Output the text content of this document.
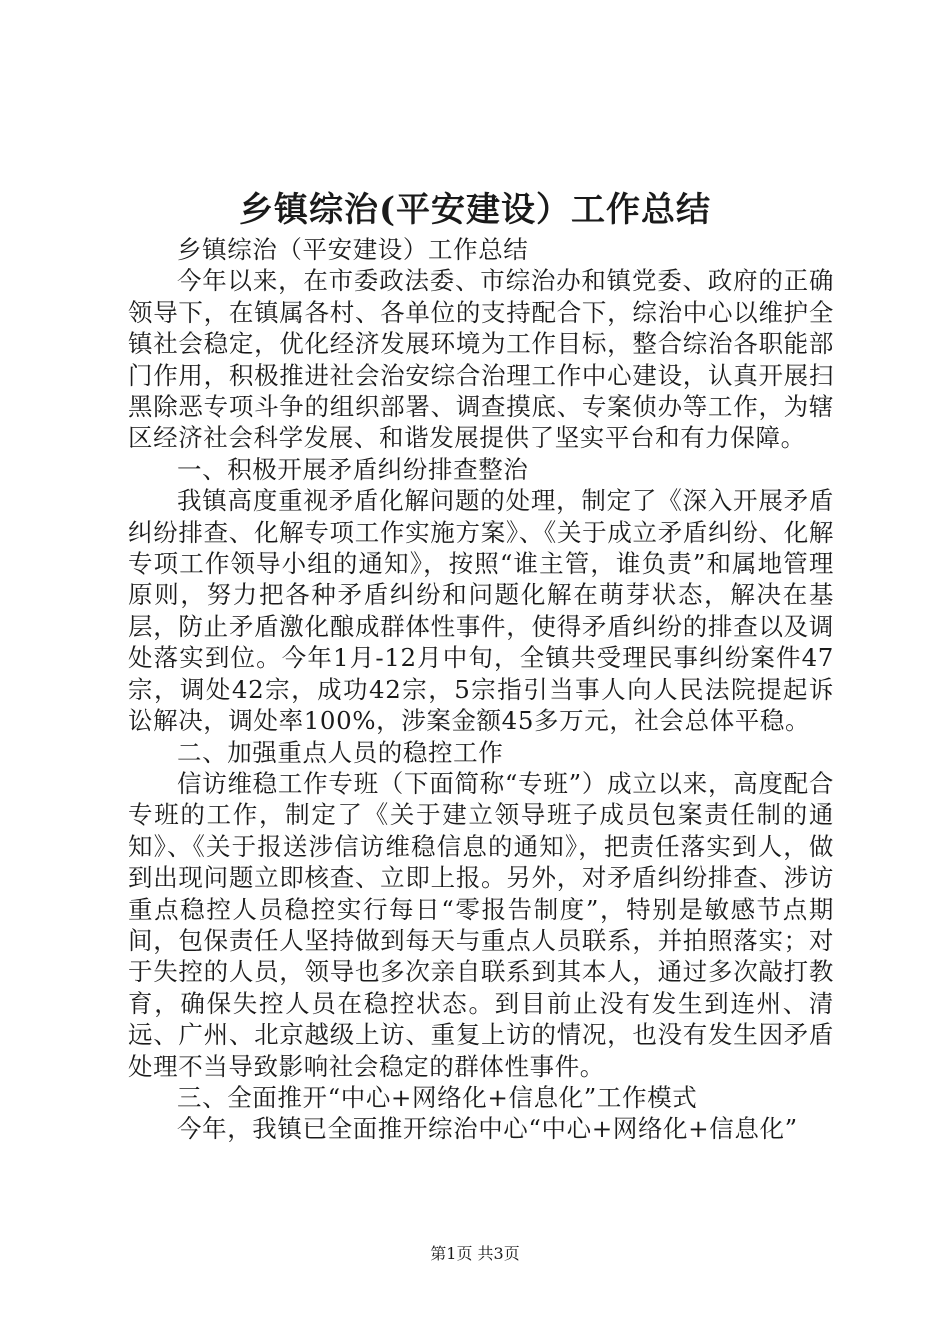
乡镇综治(平安建设）工作总结

乡镇综治（平安建设）工作总结

今年以来，在市委政法委、市综治办和镇党委、政府的正确领导下，在镇属各村、各单位的支持配合下，综治中心以维护全镇社会稳定，优化经济发展环境为工作目标，整合综治各职能部门作用，积极推进社会治安综合治理工作中心建设，认真开展扫黑除恶专项斗争的组织部署、调查摸底、专案侦办等工作，为辖区经济社会科学发展、和谐发展提供了坚实平台和有力保障。

一、积极开展矛盾纠纷排查整治

我镇高度重视矛盾化解问题的处理，制定了《深入开展矛盾纠纷排查、化解专项工作实施方案》、《关于成立矛盾纠纷、化解专项工作领导小组的通知》，按照“谁主管，谁负责”和属地管理原则，努力把各种矛盾纠纷和问题化解在萌芽状态，解决在基层，防止矛盾激化酿成群体性事件，使得矛盾纠纷的排查以及调处落实到位。今年1月-12月中旬，全镇共受理民事纠纷案件47宗，调处42宗，成功42宗，5宗指引当事人向人民法院提起诉讼解决，调处率100%，涉案金额45多万元，社会总体平稳。

二、加强重点人员的稳控工作

信访维稳工作专班（下面简称“专班”）成立以来，高度配合专班的工作，制定了《关于建立领导班子成员包案责任制的通知》、《关于报送涉信访维稳信息的通知》，把责任落实到人，做到出现问题立即核查、立即上报。另外，对矛盾纠纷排查、涉访重点稳控人员稳控实行每日“零报告制度”，特别是敏感节点期间，包保责任人坚持做到每天与重点人员联系，并拍照落实；对于失控的人员，领导也多次亲自联系到其本人，通过多次敲打教育，确保失控人员在稳控状态。到目前止没有发生到连州、清远、广州、北京越级上访、重复上访的情况，也没有发生因矛盾处理不当导致影响社会稳定的群体性事件。

三、全面推开“中心+网络化+信息化”工作模式

今年，我镇已全面推开综治中心“中心+网络化+信息化”

第1页 共3页
